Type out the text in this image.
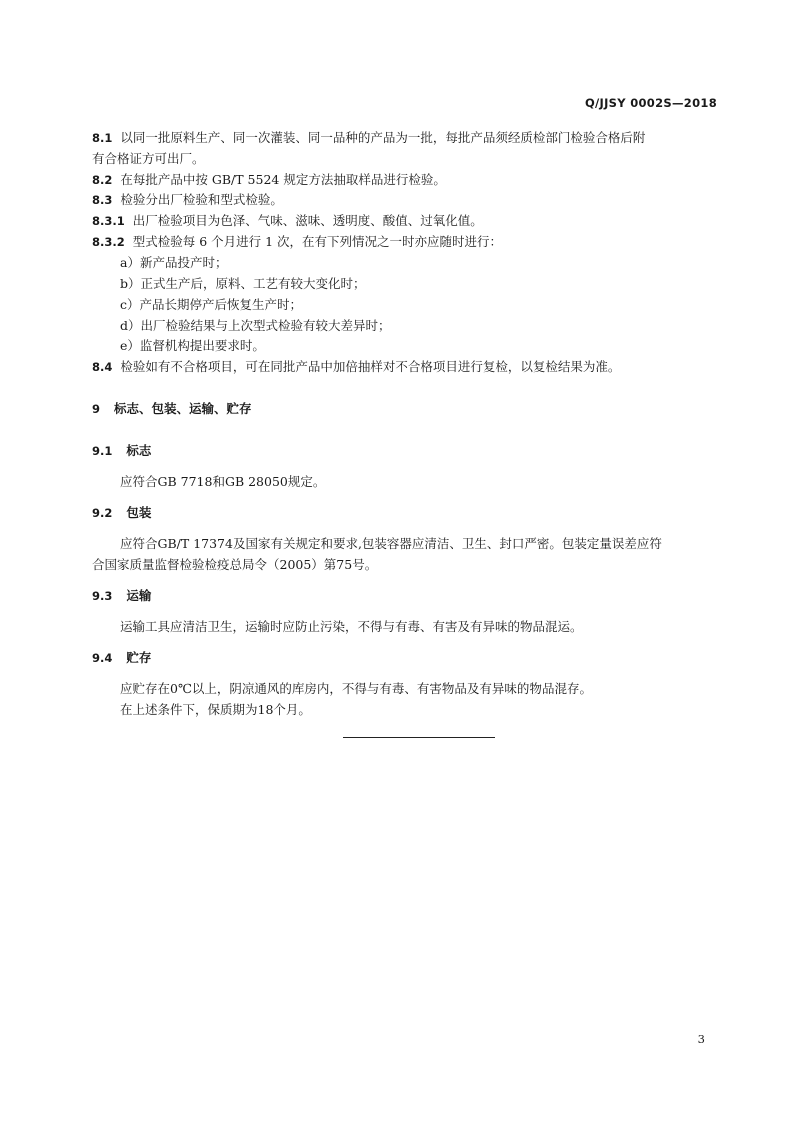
Q/JJSY 0002S—2018
8.1 以同一批原料生产、同一次灌装、同一品种的产品为一批，每批产品须经质检部门检验合格后附
有合格证方可出厂。
8.2 在每批产品中按 GB/T 5524 规定方法抽取样品进行检验。
8.3 检验分出厂检验和型式检验。
8.3.1 出厂检验项目为色泽、气味、滋味、透明度、酸值、过氧化值。
8.3.2 型式检验每 6 个月进行 1 次，在有下列情况之一时亦应随时进行：
a）新产品投产时；
b）正式生产后，原料、工艺有较大变化时；
c）产品长期停产后恢复生产时；
d）出厂检验结果与上次型式检验有较大差异时；
e）监督机构提出要求时。
8.4 检验如有不合格项目，可在同批产品中加倍抽样对不合格项目进行复检，以复检结果为准。
9 标志、包装、运输、贮存
9.1 标志
应符合GB 7718和GB 28050规定。
9.2 包装
应符合GB/T 17374及国家有关规定和要求,包装容器应清洁、卫生、封口严密。包装定量误差应符
合国家质量监督检验检疫总局令（2005）第75号。
9.3 运输
运输工具应清洁卫生，运输时应防止污染，不得与有毒、有害及有异味的物品混运。
9.4 贮存
应贮存在0℃以上，阴凉通风的库房内，不得与有毒、有害物品及有异味的物品混存。
在上述条件下，保质期为18个月。
3
